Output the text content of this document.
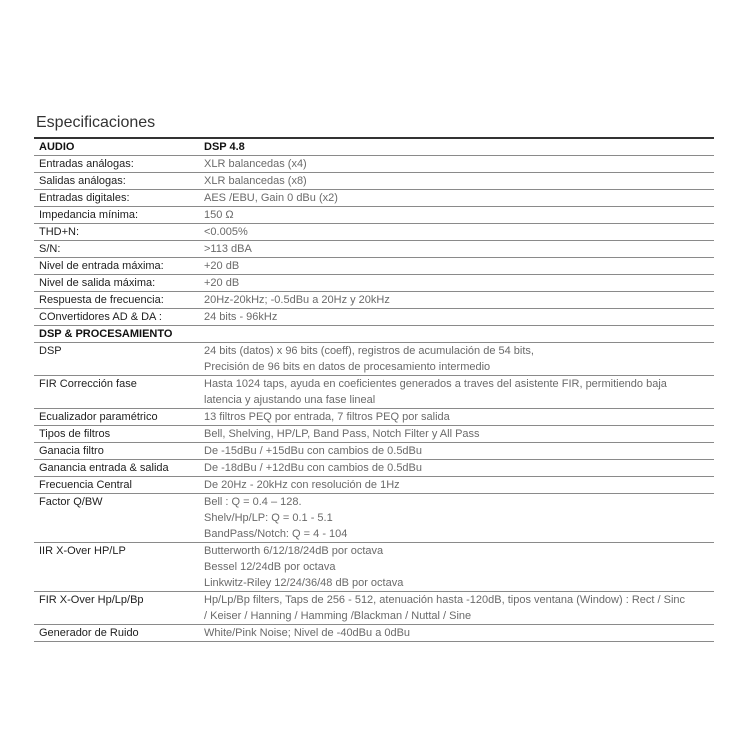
Especificaciones
AUDIO	DSP 4.8
Entradas análogas:	XLR balancedas (x4)

Salidas análogas:	XLR balancedas (x8)

Entradas digitales:	AES /EBU, Gain 0 dBu (x2)

Impedancia mínima:	150 Ω

THD+N:	<0.005%

S/N:	>113 dBA

Nivel de entrada máxima:	+20 dB

Nivel de salida máxima:	+20 dB

Respuesta de frecuencia:	20Hz-20kHz; -0.5dBu a 20Hz y 20kHz

COnvertidores AD & DA :	24 bits - 96kHz

DSP & PROCESAMIENTO	
DSP	24 bits (datos) x 96 bits (coeff), registros de acumulación de 54 bits,
Precisión de 96 bits en datos de procesamiento intermedio

FIR Corrección fase	Hasta 1024 taps, ayuda en coeficientes generados a traves del asistente FIR, permitiendo baja
latencia y ajustando una fase lineal

Ecualizador paramétrico	13 filtros PEQ por entrada, 7 filtros PEQ por salida

Tipos de filtros	Bell, Shelving, HP/LP, Band Pass, Notch Filter y All Pass

Ganacia filtro	De -15dBu / +15dBu con cambios de 0.5dBu

Ganancia entrada & salida	De -18dBu / +12dBu con cambios de 0.5dBu

Frecuencia Central	De 20Hz - 20kHz con resolución de 1Hz

Factor Q/BW	Bell : Q = 0.4 – 128.
Shelv/Hp/LP: Q = 0.1 - 5.1
BandPass/Notch: Q = 4 - 104

IIR X-Over HP/LP	Butterworth 6/12/18/24dB por octava
Bessel 12/24dB por octava
Linkwitz-Riley 12/24/36/48 dB por octava

FIR X-Over Hp/Lp/Bp	Hp/Lp/Bp filters, Taps de 256 - 512, atenuación hasta -120dB, tipos ventana (Window) : Rect / Sinc
/ Keiser / Hanning / Hamming /Blackman / Nuttal / Sine

Generador de Ruido	White/Pink Noise; Nivel de -40dBu a 0dBu
